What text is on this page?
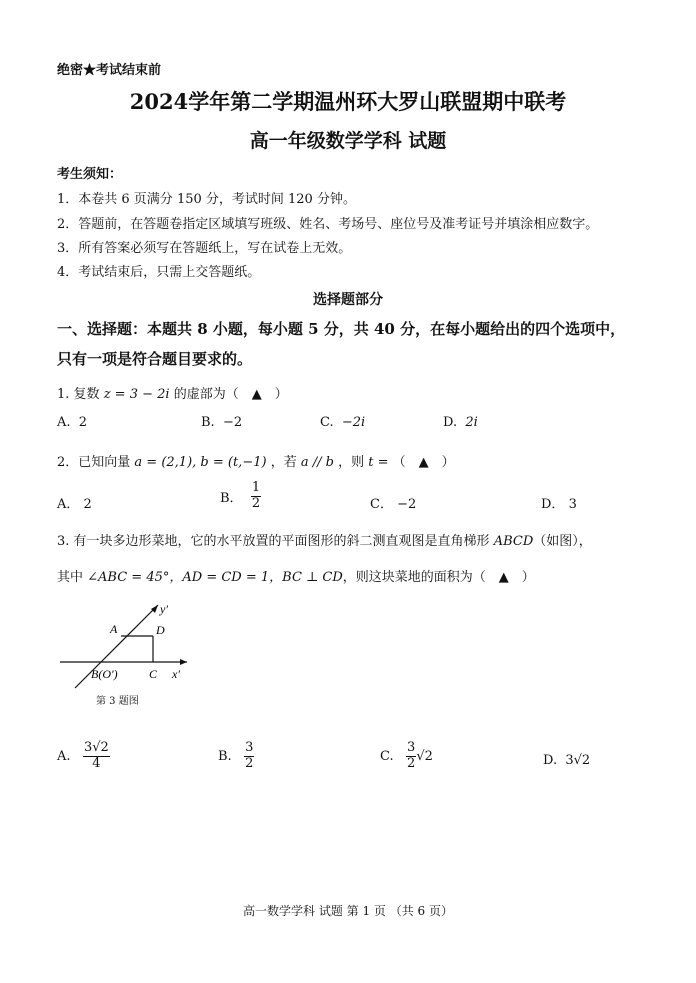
绝密★考试结束前
2024学年第二学期温州环大罗山联盟期中联考
高一年级数学学科 试题
考生须知：
1．本卷共 6 页满分 150 分，考试时间 120 分钟。
2．答题前，在答题卷指定区域填写班级、姓名、考场号、座位号及准考证号并填涂相应数字。
3．所有答案必须写在答题纸上，写在试卷上无效。
4．考试结束后，只需上交答题纸。
选择题部分
一、选择题：本题共 8 小题，每小题 5 分，共 40 分，在每小题给出的四个选项中，
只有一项是符合题目要求的。
1. 复数 z = 3 − 2i 的虚部为（　▲　）
A. 2	B. −2	C. −2i	D. 2i
2．已知向量 a = (2,1), b = (t,−1) ，若 a // b ，则 t = （　▲　）
A． 2	B． $\frac{1}{2}$	C． −2	D． 3
3. 有一块多边形菜地，它的水平放置的平面图形的斜二测直观图是直角梯形 ABCD（如图），
其中 ∠ABC = 45°，AD = CD = 1，BC ⊥ CD，则这块菜地的面积为（　▲　）
y′
A	D
B(O′)	C x′
第 3 题图
A. $\frac{3√2}{4}$	B. $\frac{3}{2}$	C. $\frac{3}{2} √2$	D. 3√2
高一数学学科 试题 第 1 页 （共 6 页）
